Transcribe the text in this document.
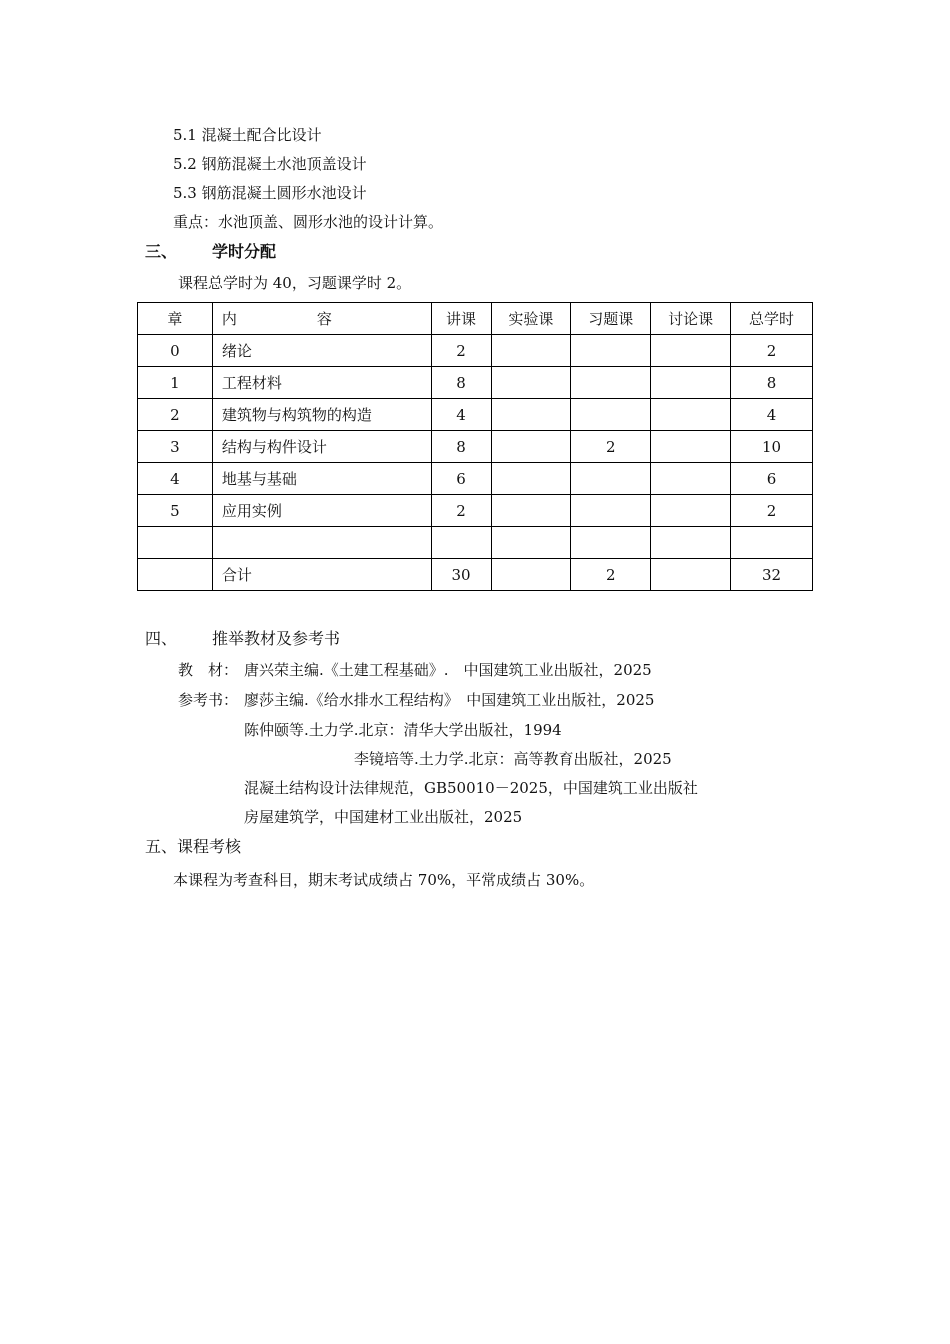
5.1 混凝土配合比设计
5.2 钢筋混凝土水池顶盖设计
5.3 钢筋混凝土圆形水池设计
重点：水池顶盖、圆形水池的设计计算。
三、 学时分配
课程总学时为 40，习题课学时 2。
章	内 容	讲课	实验课	习题课	讨论课	总学时
0	绪论	2				2
1	工程材料	8				8
2	建筑物与构筑物的构造	4				4
3	结构与构件设计	8		2		10
4	地基与基础	6				6
5	应用实例	2				2

	合计	30		2		32
四、 推举教材及参考书
教　材： 唐兴荣主编.《土建工程基础》.　中国建筑工业出版社，2025
参考书： 廖莎主编.《给水排水工程结构》　中国建筑工业出版社，2025
陈仲颐等.土力学.北京：清华大学出版社，1994
李镜培等.土力学.北京：高等教育出版社，2025
混凝土结构设计法律规范，GB50010－2025，中国建筑工业出版社
房屋建筑学，中国建材工业出版社，2025
五、课程考核
本课程为考查科目，期末考试成绩占 70%，平常成绩占 30%。
